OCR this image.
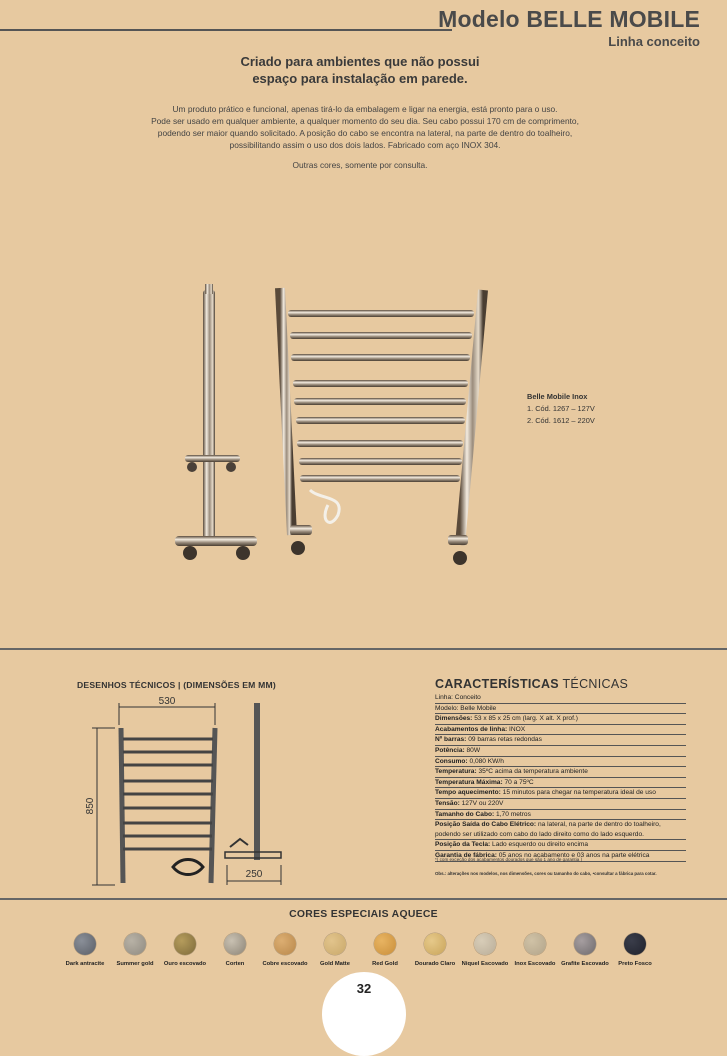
Modelo BELLE MOBILE
Linha conceito
Criado para ambientes que não possui
espaço para instalação em parede.
Um produto prático e funcional, apenas tirá-lo da embalagem e ligar na energia, está pronto para o uso.
Pode ser usado em qualquer ambiente, a qualquer momento do seu dia. Seu cabo possui 170 cm de comprimento,
podendo ser maior quando solicitado. A posição do cabo se encontra na lateral, na parte de dentro do toalheiro,
possibilitando assim o uso dos dois lados. Fabricado com aço INOX 304.
Outras cores, somente por consulta.
Belle Mobile Inox
1. Cód. 1267 – 127V
2. Cód. 1612 – 220V
DESENHOS TÉCNICOS | (DIMENSÕES EM MM)
530
850
250
CARACTERÍSTICAS TÉCNICAS
Linha: Conceito
Modelo: Belle Mobile
Dimensões: 53 x 85 x 25 cm (larg. X alt. X prof.)
Acabamentos de linha: INOX
Nº barras: 09 barras retas redondas
Potência: 80W
Consumo: 0,080 KW/h
Temperatura: 35ºC acima da temperatura ambiente
Temperatura Máxima: 70 a 75ºC
Tempo aquecimento: 15 minutos para chegar na temperatura ideal de uso
Tensão: 127V ou 220V
Tamanho do Cabo: 1,70 metros
Posição Saída do Cabo Elétrico: na lateral, na parte de dentro do toalheiro,
podendo ser utilizado com cabo do lado direito como do lado esquerdo.
Posição da Tecla: Lado esquerdo ou direito encima
Garantia de fábrica: 05 anos no acabamento e 03 anos na parte elétrica
*( com exceção dos acabamentos dourados que são 1 ano de garantia )
Obs.: alterações nos modelos, nos dimensões, cores ou tamanho do cabo, •consultar a fábrica para cotar.
CORES ESPECIAIS AQUECE
Dark antracite	Summer gold	Ouro escovado	Corten	Cobre escovado	Gold Matte	Red Gold	Dourado Claro	Niquel Escovado	Inox Escovado Grafite Escovado	Preto Fosco
32
